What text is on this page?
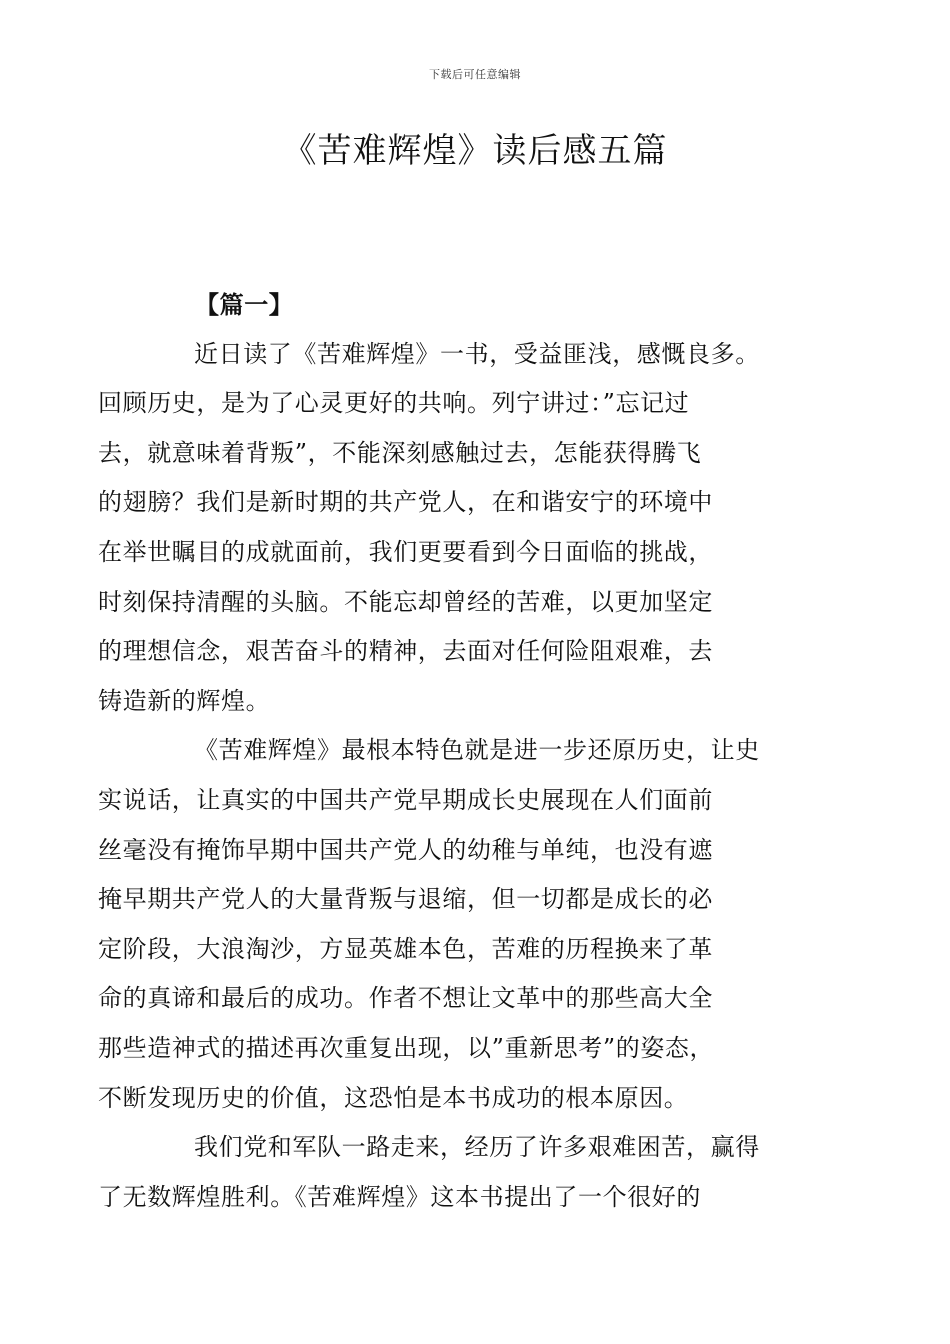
下载后可任意编辑
《苦难辉煌》读后感五篇

【篇一】

近日读了《苦难辉煌》一书，受益匪浅，感慨良多。
回顾历史，是为了心灵更好的共响。列宁讲过：”忘记过
去，就意味着背叛”，不能深刻感触过去，怎能获得腾飞
的翅膀？我们是新时期的共产党人，在和谐安宁的环境中
在举世瞩目的成就面前，我们更要看到今日面临的挑战，
时刻保持清醒的头脑。不能忘却曾经的苦难，以更加坚定
的理想信念，艰苦奋斗的精神，去面对任何险阻艰难，去
铸造新的辉煌。

《苦难辉煌》最根本特色就是进一步还原历史，让史
实说话，让真实的中国共产党早期成长史展现在人们面前
丝毫没有掩饰早期中国共产党人的幼稚与单纯，也没有遮
掩早期共产党人的大量背叛与退缩，但一切都是成长的必
定阶段，大浪淘沙，方显英雄本色，苦难的历程换来了革
命的真谛和最后的成功。作者不想让文革中的那些高大全
那些造神式的描述再次重复出现，以”重新思考”的姿态，
不断发现历史的价值，这恐怕是本书成功的根本原因。

我们党和军队一路走来，经历了许多艰难困苦，赢得
了无数辉煌胜利。《苦难辉煌》这本书提出了一个很好的
